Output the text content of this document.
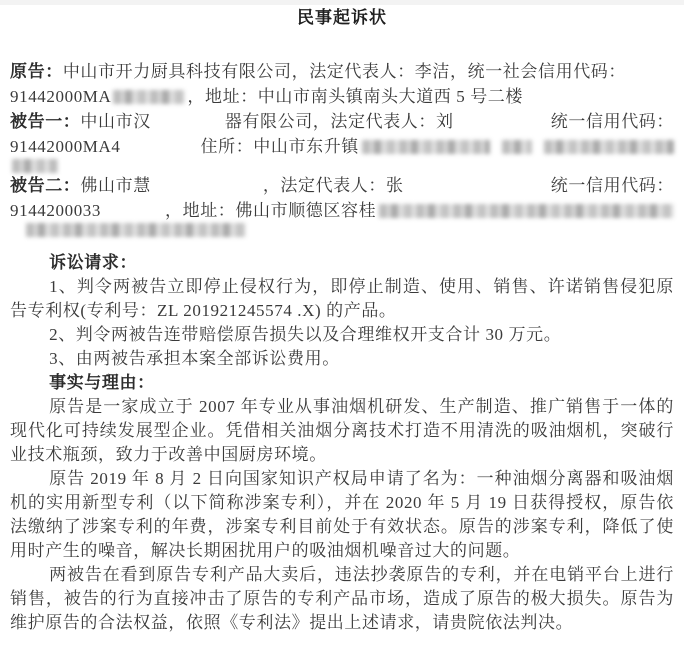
民事起诉状
原告：中山市开力厨具科技有限公司，法定代表人：李洁，统一社会信用代码：
91442000MA	，地址：中山市南头镇南头大道西 5 号二楼
被告一： 中山市汉	器有限公司，法定代表人：刘	统一信用代码：
91442000MA4	住所：中山市东升镇
被告二： 佛山市慧	，法定代表人：张	统一信用代码：
9144200033	，地址：佛山市顺德区容桂
诉讼请求：

1、判令两被告立即停止侵权行为，即停止制造、使用、销售、许诺销售侵犯原告专利权(专利号：ZL 201921245574 .X) 的产品。

2、判令两被告连带赔偿原告损失以及合理维权开支合计 30 万元。

3、由两被告承担本案全部诉讼费用。

事实与理由：

原告是一家成立于 2007 年专业从事油烟机研发、生产制造、推广销售于一体的现代化可持续发展型企业。凭借相关油烟分离技术打造不用清洗的吸油烟机，突破行业技术瓶颈，致力于改善中国厨房环境。

原告 2019 年 8 月 2 日向国家知识产权局申请了名为：一种油烟分离器和吸油烟机的实用新型专利（以下简称涉案专利），并在 2020 年 5 月 19 日获得授权，原告依法缴纳了涉案专利的年费，涉案专利目前处于有效状态。原告的涉案专利，降低了使用时产生的噪音，解决长期困扰用户的吸油烟机噪音过大的问题。

两被告在看到原告专利产品大卖后，违法抄袭原告的专利，并在电销平台上进行销售，被告的行为直接冲击了原告的专利产品市场，造成了原告的极大损失。原告为维护原告的合法权益，依照《专利法》提出上述请求，请贵院依法判决。
